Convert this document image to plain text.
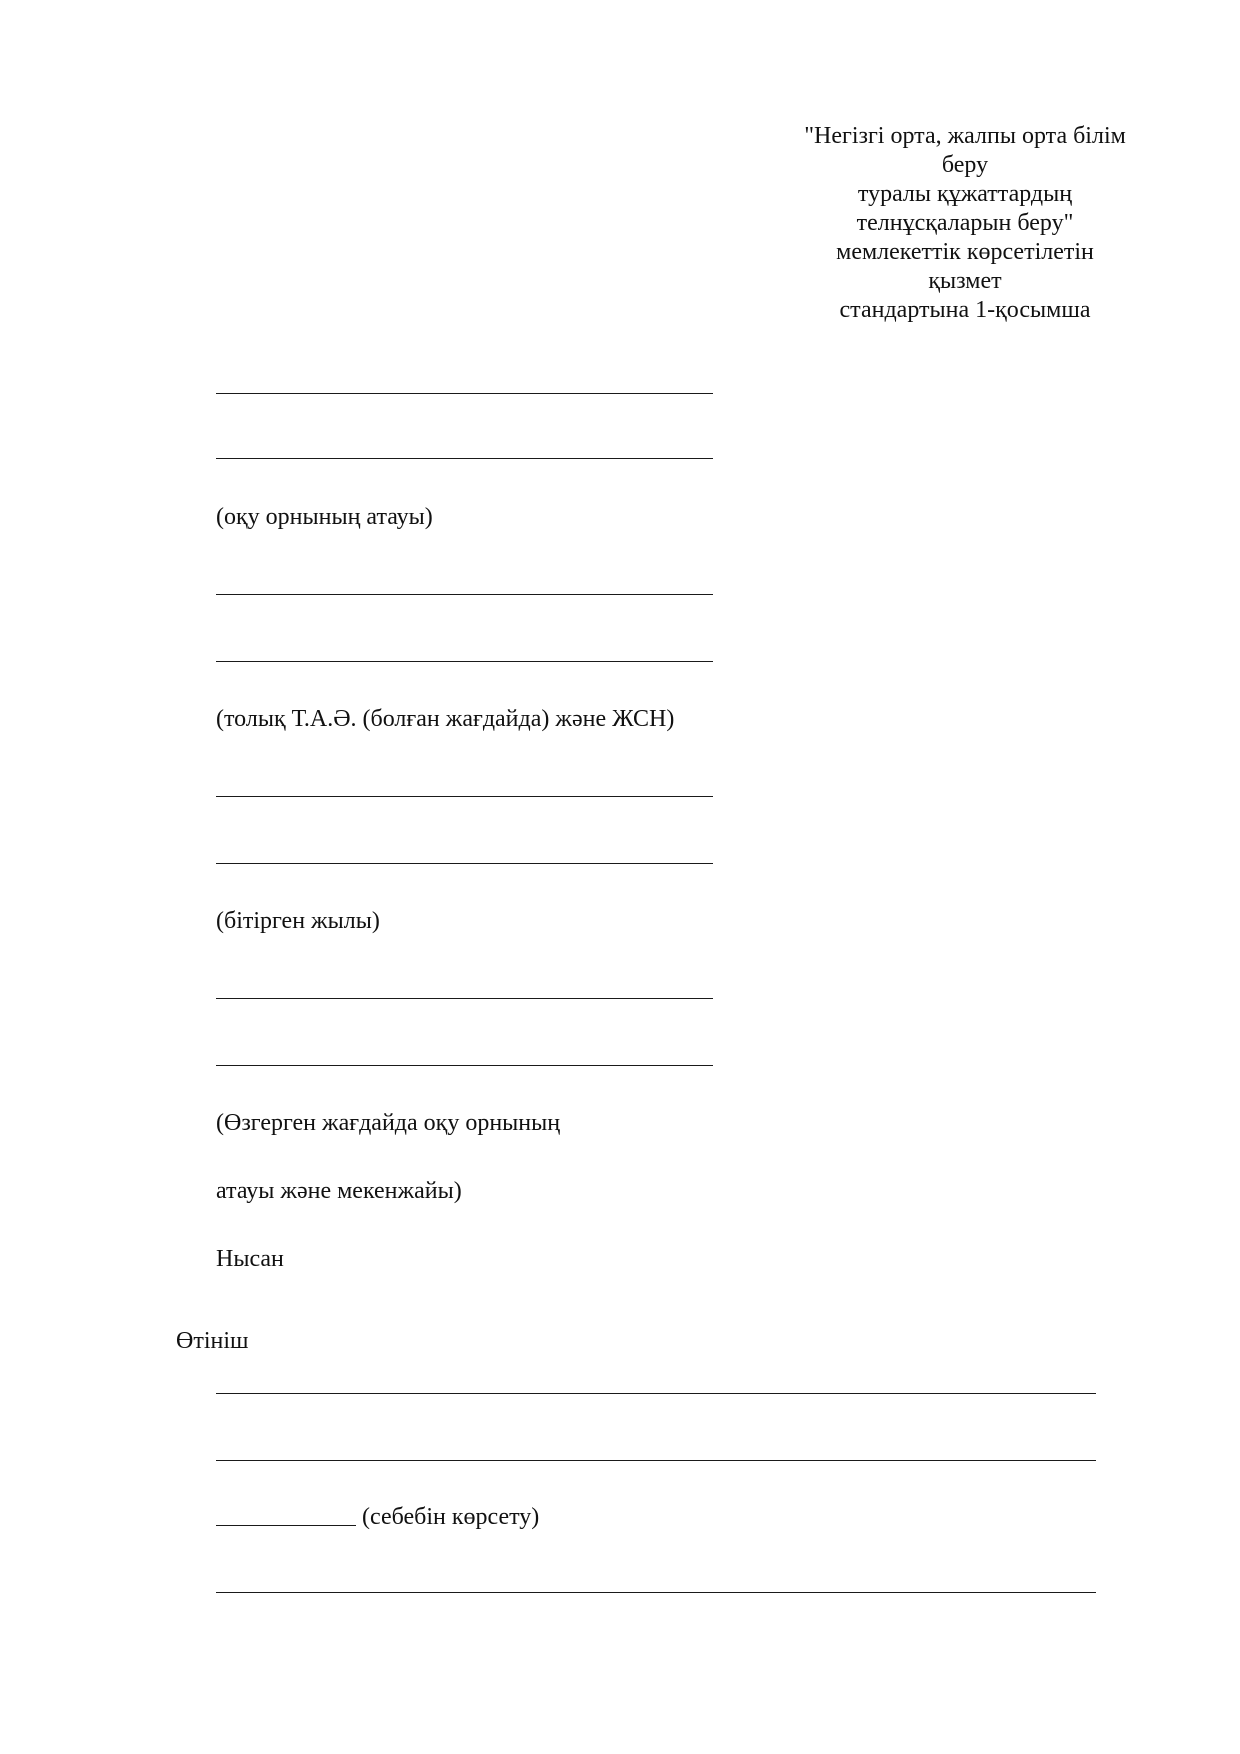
"Негізгі орта, жалпы орта білім
беру
туралы құжаттардың
телнұсқаларын беру"
мемлекеттік көрсетілетін
қызмет
стандартына 1-қосымша
(оқу орнының атауы)
(толық Т.А.Ә. (болған жағдайда) және ЖСН)
(бітірген жылы)
(Өзгерген жағдайда оқу орнының
атауы және мекенжайы)
Нысан
Өтініш
(себебін көрсету)
